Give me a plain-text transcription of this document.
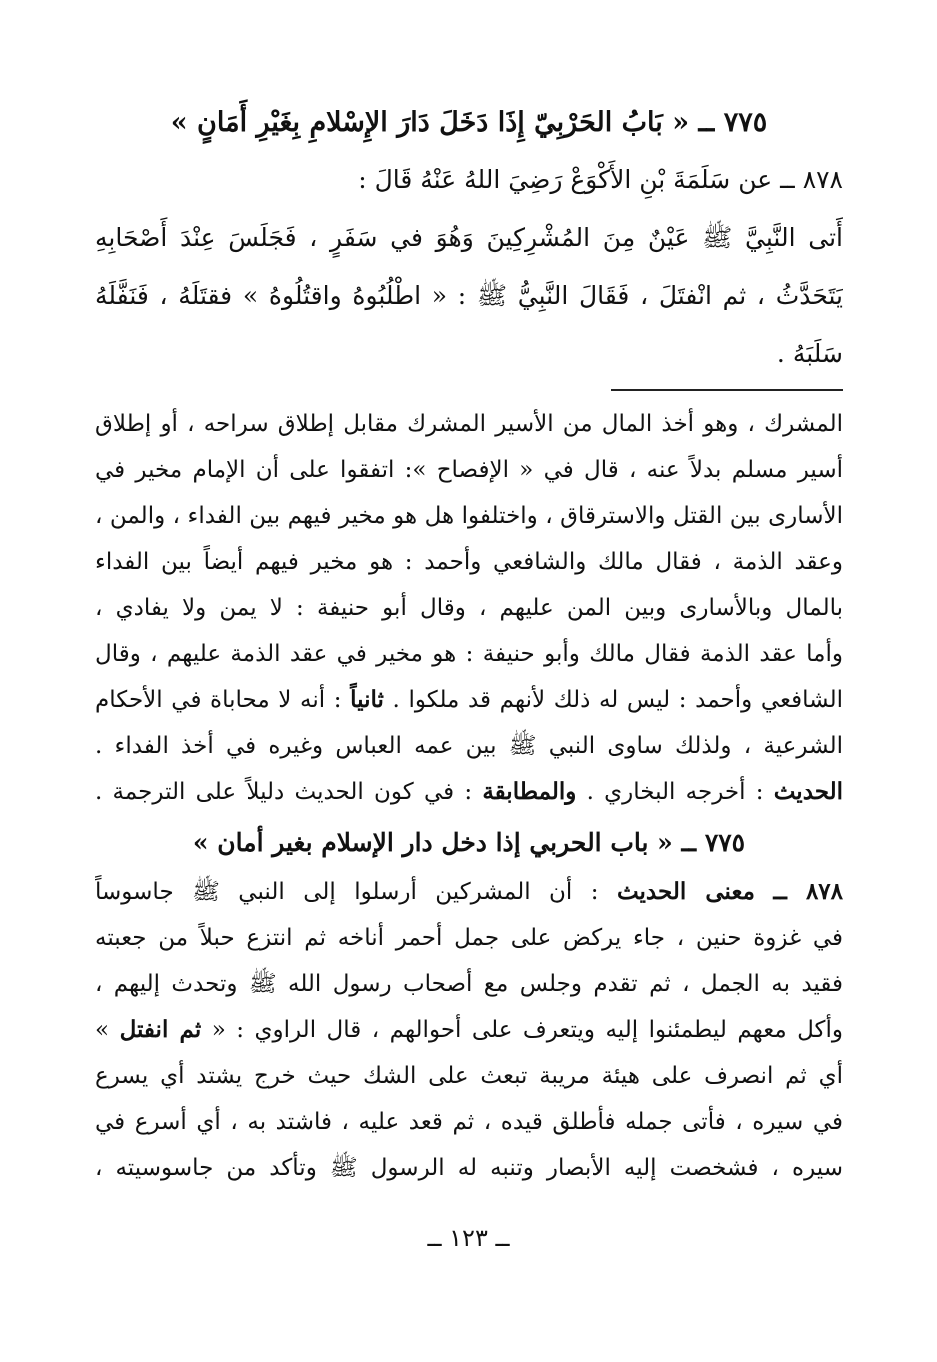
٧٧٥ ــ « بَابُ الحَرْبِيّ إِذَا دَخَلَ دَارَ الإِسْلامِ بِغَيْرِ أَمَانٍ »
٨٧٨ ــ عن سَلَمَةَ بْنِ الأَكْوَعْ رَضِيَ اللهُ عَنْهُ قَالَ :
أَتى النَّبِيَّ ﷺ عَيْنٌ مِنَ المُشْرِكِينَ وَهُوَ في سَفَرٍ ، فَجَلَسَ عِنْدَ أَصْحَابِهِ
يَتَحَدَّثُ ، ثم انْفتَلَ ، فَقَالَ النَّبِيُّ ﷺ : « اطْلُبُوهُ واقتُلُوهُ » فقتَلَهُ ، فَنَفَّلَهُ
سَلَبَهُ .
المشرك ، وهو أخذ المال من الأسير المشرك مقابل إطلاق سراحه ، أو إطلاق
أسير مسلم بدلاً عنه ، قال في « الإفصاح »: اتفقوا على أن الإمام مخير في
الأسارى بين القتل والاسترقاق ، واختلفوا هل هو مخير فيهم بين الفداء ، والمن ،
وعقد الذمة ، فقال مالك والشافعي وأحمد : هو مخير فيهم أيضاً بين الفداء
بالمال وبالأسارى وبين المن عليهم ، وقال أبو حنيفة : لا يمن ولا يفادي ،
وأما عقد الذمة فقال مالك وأبو حنيفة : هو مخير في عقد الذمة عليهم ، وقال
الشافعي وأحمد : ليس له ذلك لأنهم قد ملكوا . ثانياً : أنه لا محاباة في الأحكام
الشرعية ، ولذلك ساوى النبي ﷺ بين عمه العباس وغيره في أخذ الفداء .
الحديث : أخرجه البخاري . والمطابقة : في كون الحديث دليلاً على الترجمة .
٧٧٥ ــ « باب الحربي إذا دخل دار الإسلام بغير أمان »
٨٧٨ ــ معنى الحديث : أن المشركين أرسلوا إلى النبي ﷺ جاسوساً
في غزوة حنين ، جاء يركض على جمل أحمر أناخه ثم انتزع حبلاً من جعبته
فقيد به الجمل ، ثم تقدم وجلس مع أصحاب رسول الله ﷺ وتحدث إليهم ،
وأكل معهم ليطمئنوا إليه ويتعرف على أحوالهم ، قال الراوي : « ثم انفتل »
أي ثم انصرف على هيئة مريبة تبعث على الشك حيث خرج يشتد أي يسرع
في سيره ، فأتى جمله فأطلق قيده ، ثم قعد عليه ، فاشتد به ، أي أسرع في
سيره ، فشخصت إليه الأبصار وتنبه له الرسول ﷺ وتأكد من جاسوسيته ،
ــ ١٢٣ ــ
